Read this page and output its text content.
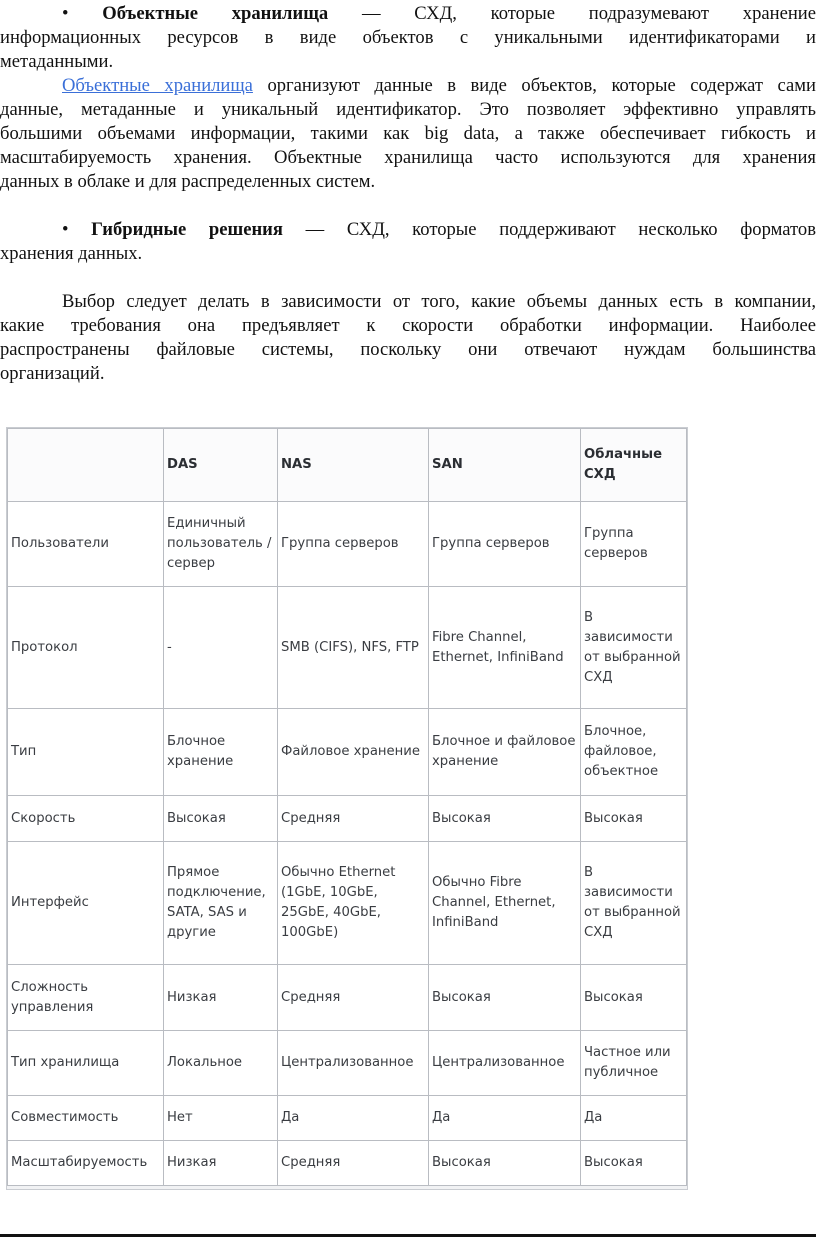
• Объектные хранилища — СХД, которые подразумевают хранение
информационных ресурсов в виде объектов с уникальными идентификаторами и
метаданными.
Объектные хранилища организуют данные в виде объектов, которые содержат сами
данные, метаданные и уникальный идентификатор. Это позволяет эффективно управлять
большими объемами информации, такими как big data, а также обеспечивает гибкость и
масштабируемость хранения. Объектные хранилища часто используются для хранения
данных в облаке и для распределенных систем.
• Гибридные решения — СХД, которые поддерживают несколько форматов
хранения данных.
Выбор следует делать в зависимости от того, какие объемы данных есть в компании,
какие требования она предъявляет к скорости обработки информации. Наиболее
распространены файловые системы, поскольку они отвечают нуждам большинства
организаций.
	DAS	NAS	SAN	Облачные СХД
Пользователи	Единичный пользователь / сервер	Группа серверов	Группа серверов	Группа серверов
Протокол	-	SMB (CIFS), NFS, FTP	Fibre Channel, Ethernet, InfiniBand	В зависимости от выбранной СХД
Тип	Блочное хранение	Файловое хранение	Блочное и файловое хранение	Блочное, файловое, объектное
Скорость	Высокая	Средняя	Высокая	Высокая
Интерфейс	Прямое подключение, SATA, SAS и другие	Обычно Ethernet (1GbE, 10GbE, 25GbE, 40GbE, 100GbE)	Обычно Fibre Channel, Ethernet, InfiniBand	В зависимости от выбранной СХД
Сложность управления	Низкая	Средняя	Высокая	Высокая
Тип хранилища	Локальное	Централизованное	Централизованное	Частное или публичное
Совместимость	Нет	Да	Да	Да
Масштабируемость	Низкая	Средняя	Высокая	Высокая
